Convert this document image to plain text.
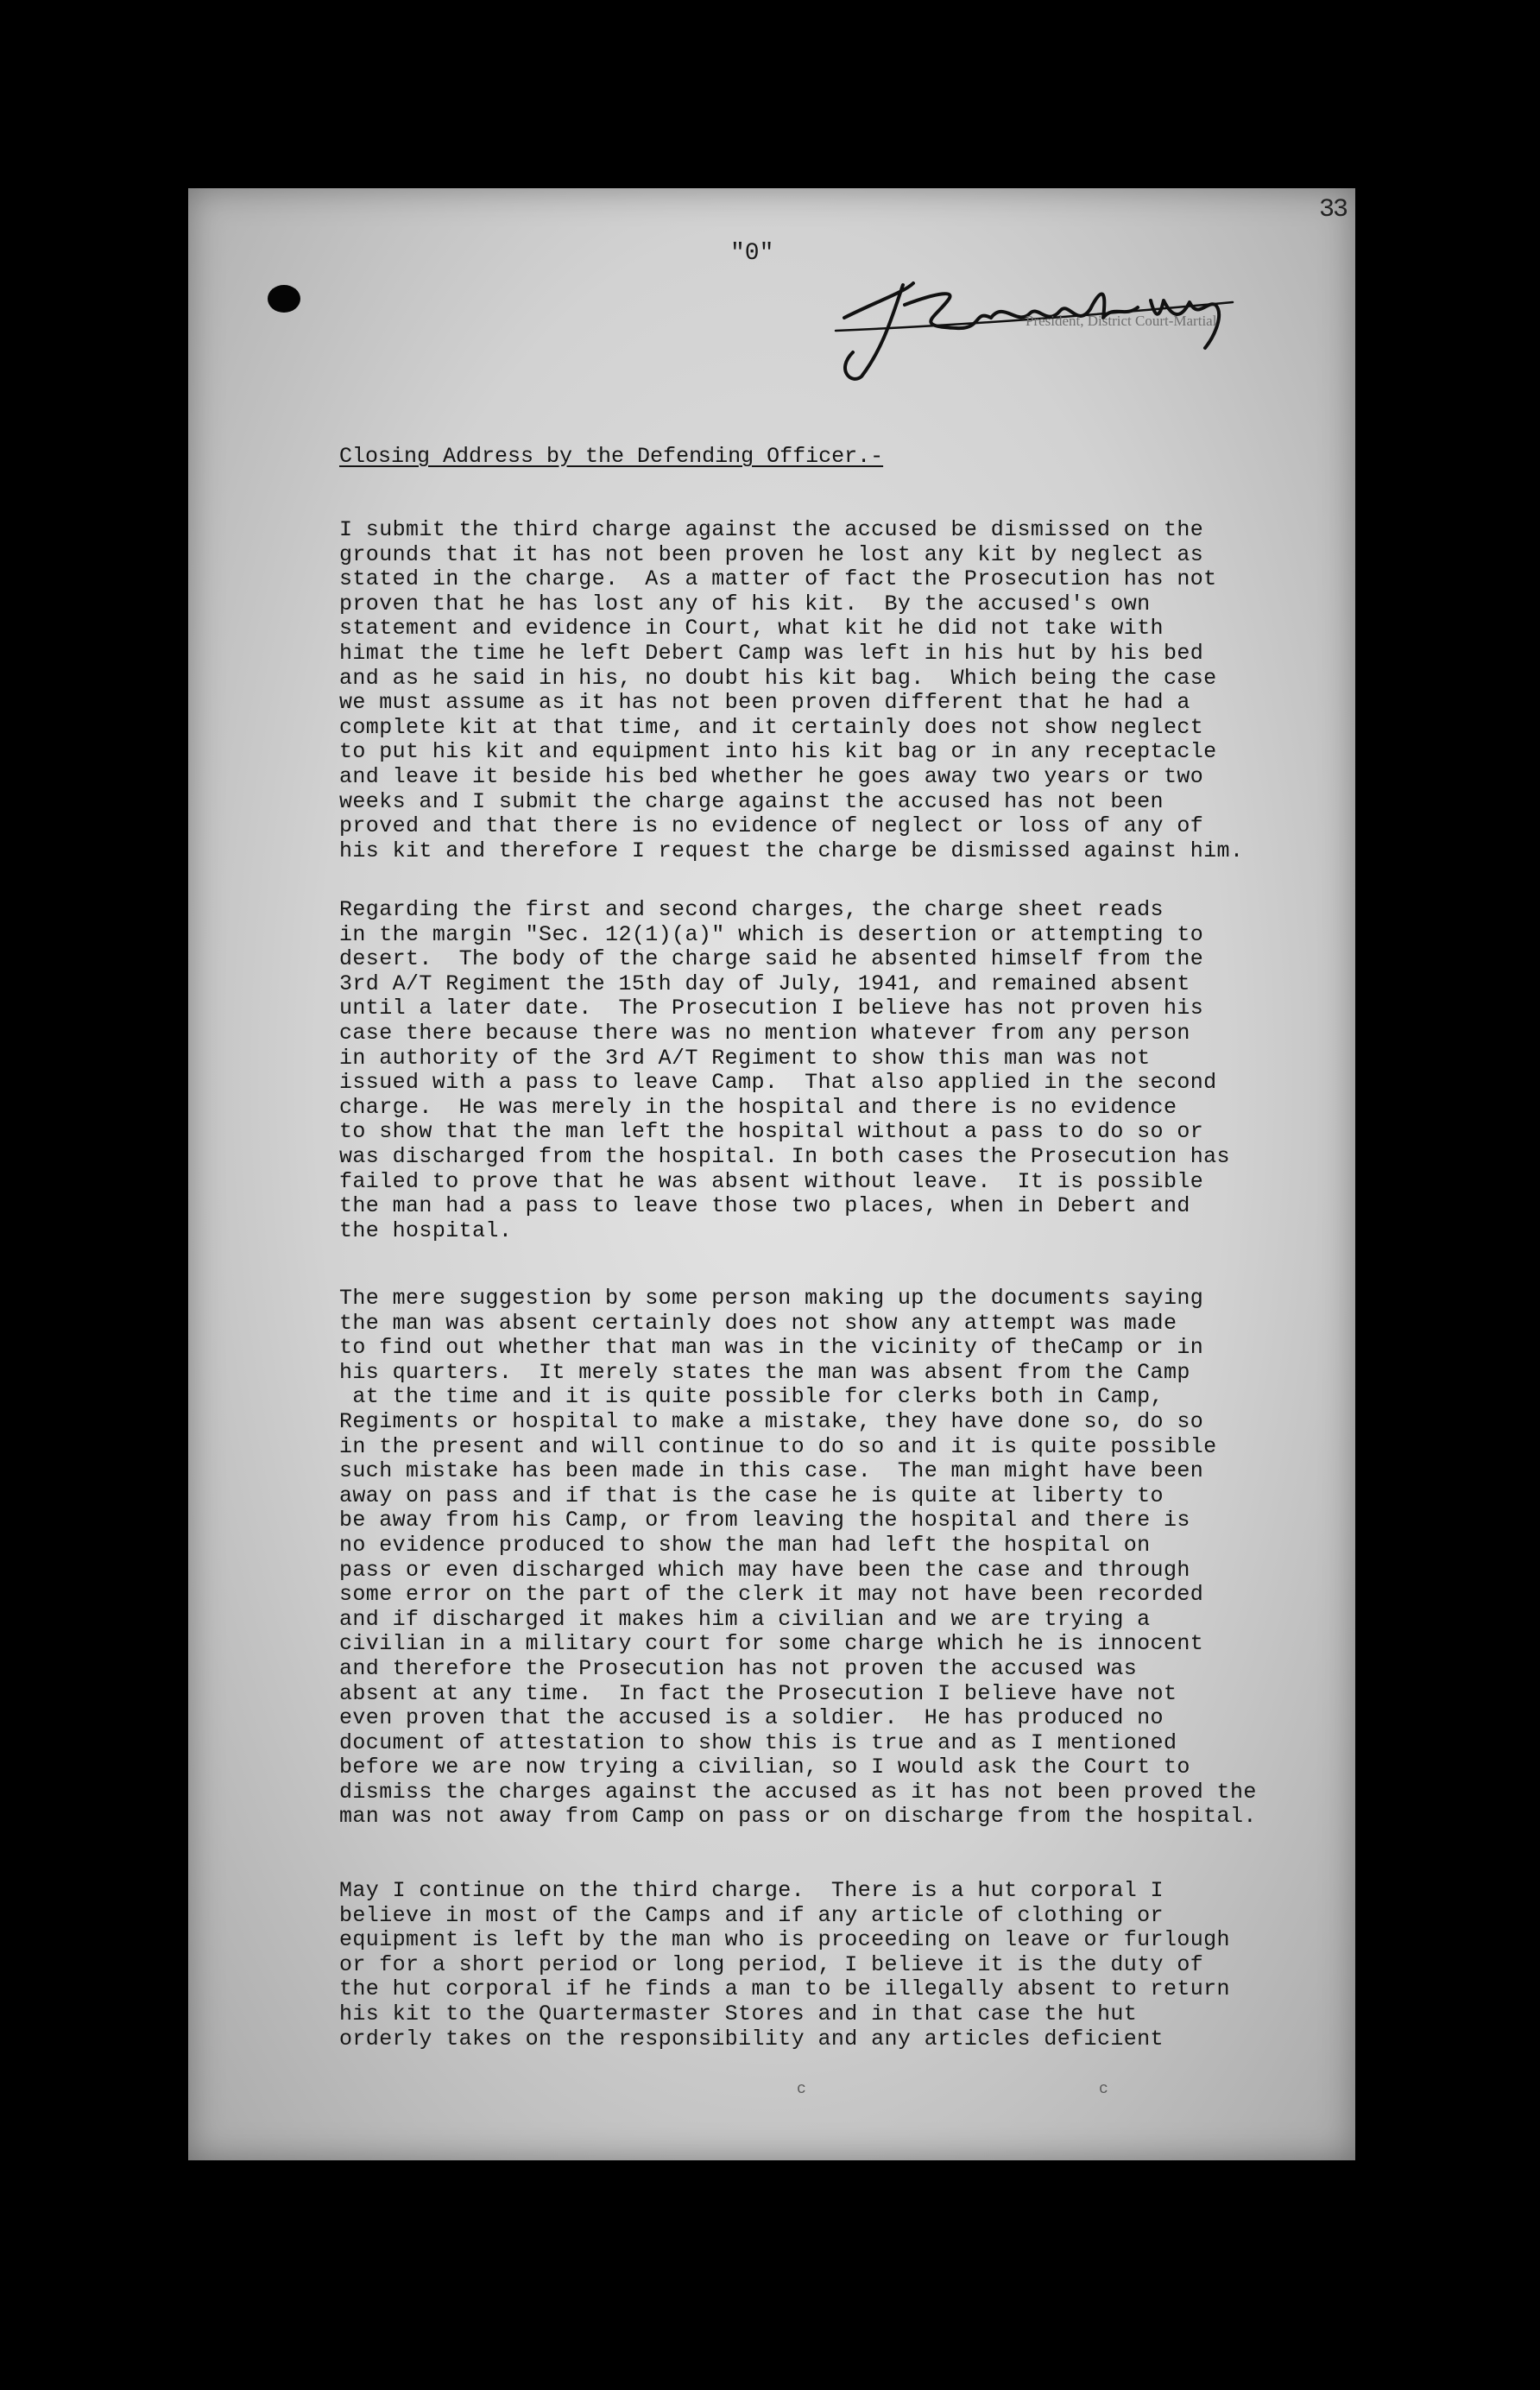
33
"0"
President, District Court-Martial
Closing Address by the Defending Officer.-

I submit the third charge against the accused be dismissed on the
grounds that it has not been proven he lost any kit by neglect as
stated in the charge.  As a matter of fact the Prosecution has not
proven that he has lost any of his kit.  By the accused's own
statement and evidence in Court, what kit he did not take with
himat the time he left Debert Camp was left in his hut by his bed
and as he said in his, no doubt his kit bag.  Which being the case
we must assume as it has not been proven different that he had a
complete kit at that time, and it certainly does not show neglect
to put his kit and equipment into his kit bag or in any receptacle
and leave it beside his bed whether he goes away two years or two
weeks and I submit the charge against the accused has not been
proved and that there is no evidence of neglect or loss of any of
his kit and therefore I request the charge be dismissed against him.

Regarding the first and second charges, the charge sheet reads
in the margin "Sec. 12(1)(a)" which is desertion or attempting to
desert.  The body of the charge said he absented himself from the
3rd A/T Regiment the 15th day of July, 1941, and remained absent
until a later date.  The Prosecution I believe has not proven his
case there because there was no mention whatever from any person
in authority of the 3rd A/T Regiment to show this man was not
issued with a pass to leave Camp.  That also applied in the second
charge.  He was merely in the hospital and there is no evidence
to show that the man left the hospital without a pass to do so or
was discharged from the hospital. In both cases the Prosecution has
failed to prove that he was absent without leave.  It is possible
the man had a pass to leave those two places, when in Debert and
the hospital.

The mere suggestion by some person making up the documents saying
the man was absent certainly does not show any attempt was made
to find out whether that man was in the vicinity of theCamp or in
his quarters.  It merely states the man was absent from the Camp
at the time and it is quite possible for clerks both in Camp,
Regiments or hospital to make a mistake, they have done so, do so
in the present and will continue to do so and it is quite possible
such mistake has been made in this case.  The man might have been
away on pass and if that is the case he is quite at liberty to
be away from his Camp, or from leaving the hospital and there is
no evidence produced to show the man had left the hospital on
pass or even discharged which may have been the case and through
some error on the part of the clerk it may not have been recorded
and if discharged it makes him a civilian and we are trying a
civilian in a military court for some charge which he is innocent
and therefore the Prosecution has not proven the accused was
absent at any time.  In fact the Prosecution I believe have not
even proven that the accused is a soldier.  He has produced no
document of attestation to show this is true and as I mentioned
before we are now trying a civilian, so I would ask the Court to
dismiss the charges against the accused as it has not been proved the
man was not away from Camp on pass or on discharge from the hospital.

May I continue on the third charge.  There is a hut corporal I
believe in most of the Camps and if any article of clothing or
equipment is left by the man who is proceeding on leave or furlough
or for a short period or long period, I believe it is the duty of
the hut corporal if he finds a man to be illegally absent to return
his kit to the Quartermaster Stores and in that case the hut
orderly takes on the responsibility and any articles deficient

c	c
